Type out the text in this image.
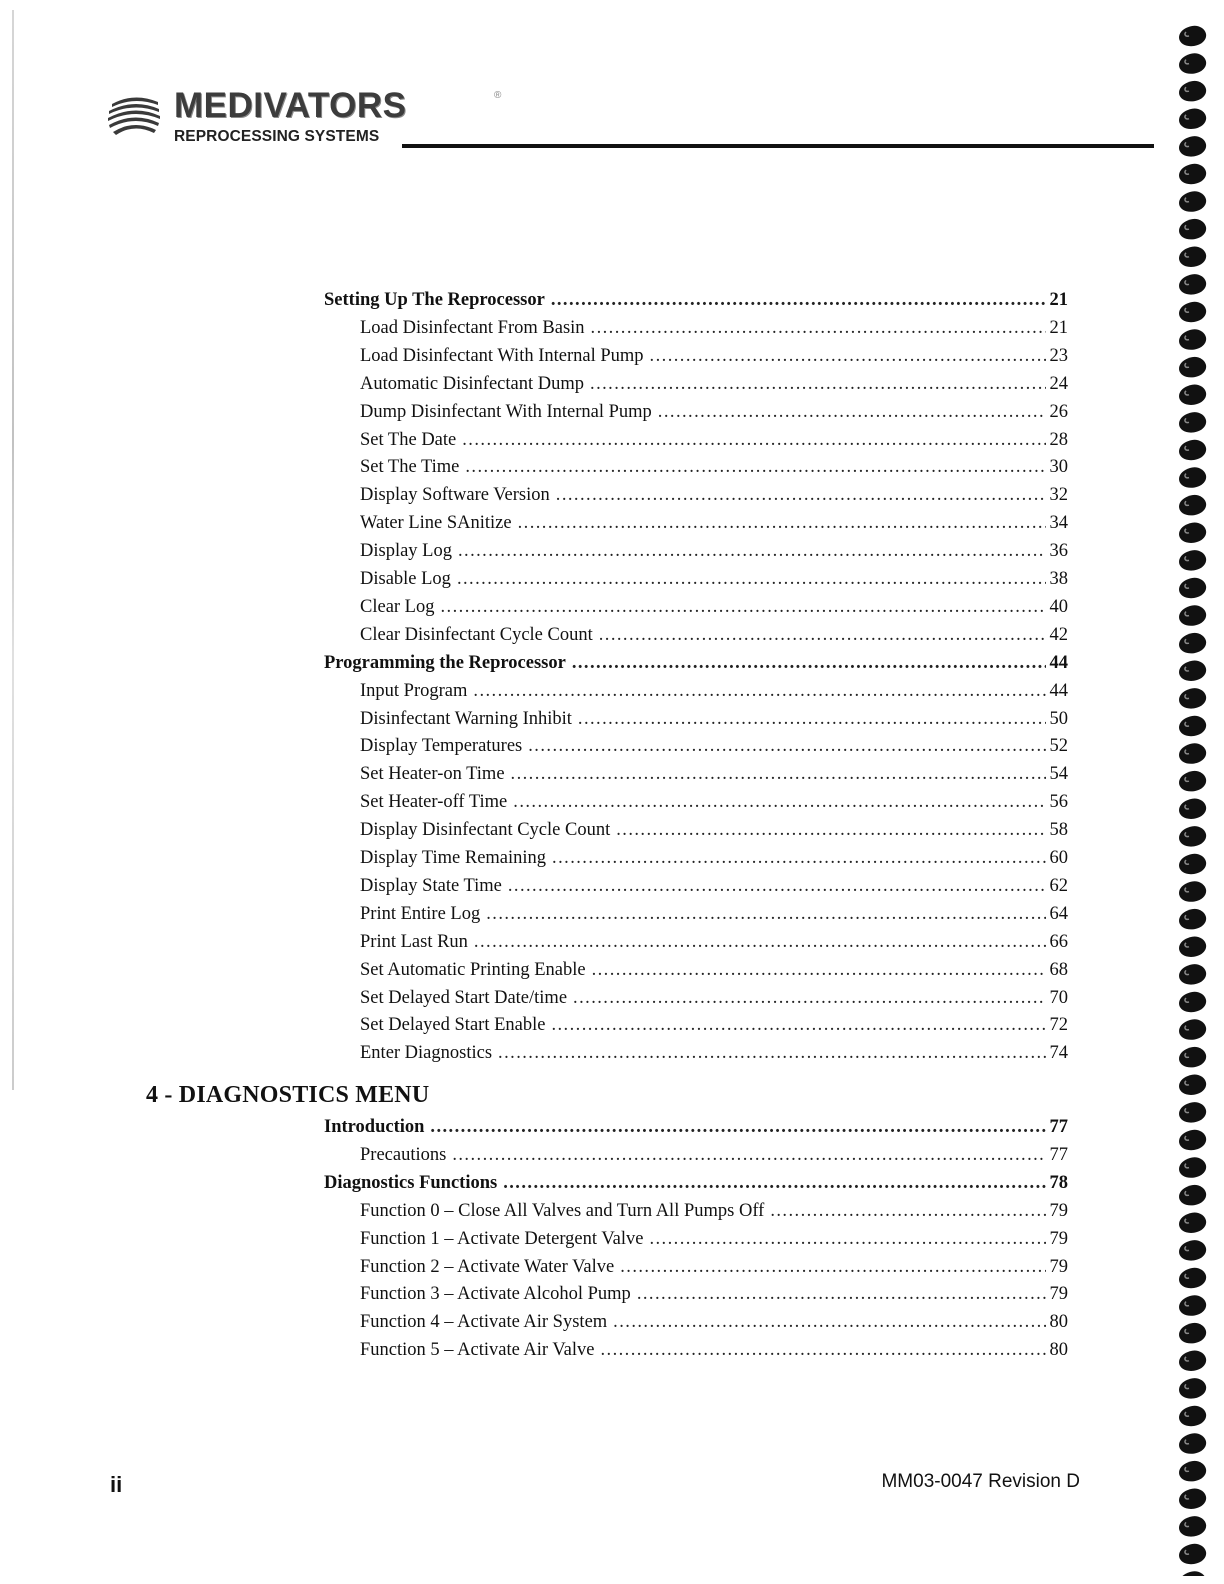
MEDIVATORS	®
REPROCESSING SYSTEMS
Setting Up The Reprocessor . . .	21
Load Disinfectant From Basin . . .	21
Load Disinfectant With Internal Pump . . .	23
Automatic Disinfectant Dump . . .	24
Dump Disinfectant With Internal Pump . . .	26
Set The Date . . .	28
Set The Time . . .	30
Display Software Version . . .	32
Water Line SAnitize . . .	34
Display Log . . .	36
Disable Log . . .	38
Clear Log . . .	40
Clear Disinfectant Cycle Count . . .	42
Programming the Reprocessor . . .	44
Input Program . . .	44
Disinfectant Warning Inhibit . . .	50
Display Temperatures . . .	52
Set Heater-on Time . . .	54
Set Heater-off Time . . .	56
Display Disinfectant Cycle Count . . .	58
Display Time Remaining . . .	60
Display State Time . . .	62
Print Entire Log . . .	64
Print Last Run . . .	66
Set Automatic Printing Enable . . .	68
Set Delayed Start Date/time . . .	70
Set Delayed Start Enable . . .	72
Enter Diagnostics . . .	74
Introduction . . .	77
Precautions . . .	77
Diagnostics Functions . . .	78
Function 0 – Close All Valves and Turn All Pumps Off . . .	79
Function 1 – Activate Detergent Valve . . .	79
Function 2 – Activate Water Valve . . .	79
Function 3 – Activate Alcohol Pump . . .	79
Function 4 – Activate Air System . . .	80
Function 5 – Activate Air Valve . . .	80
4 - DIAGNOSTICS MENU
ii	MM03-0047 Revision D
